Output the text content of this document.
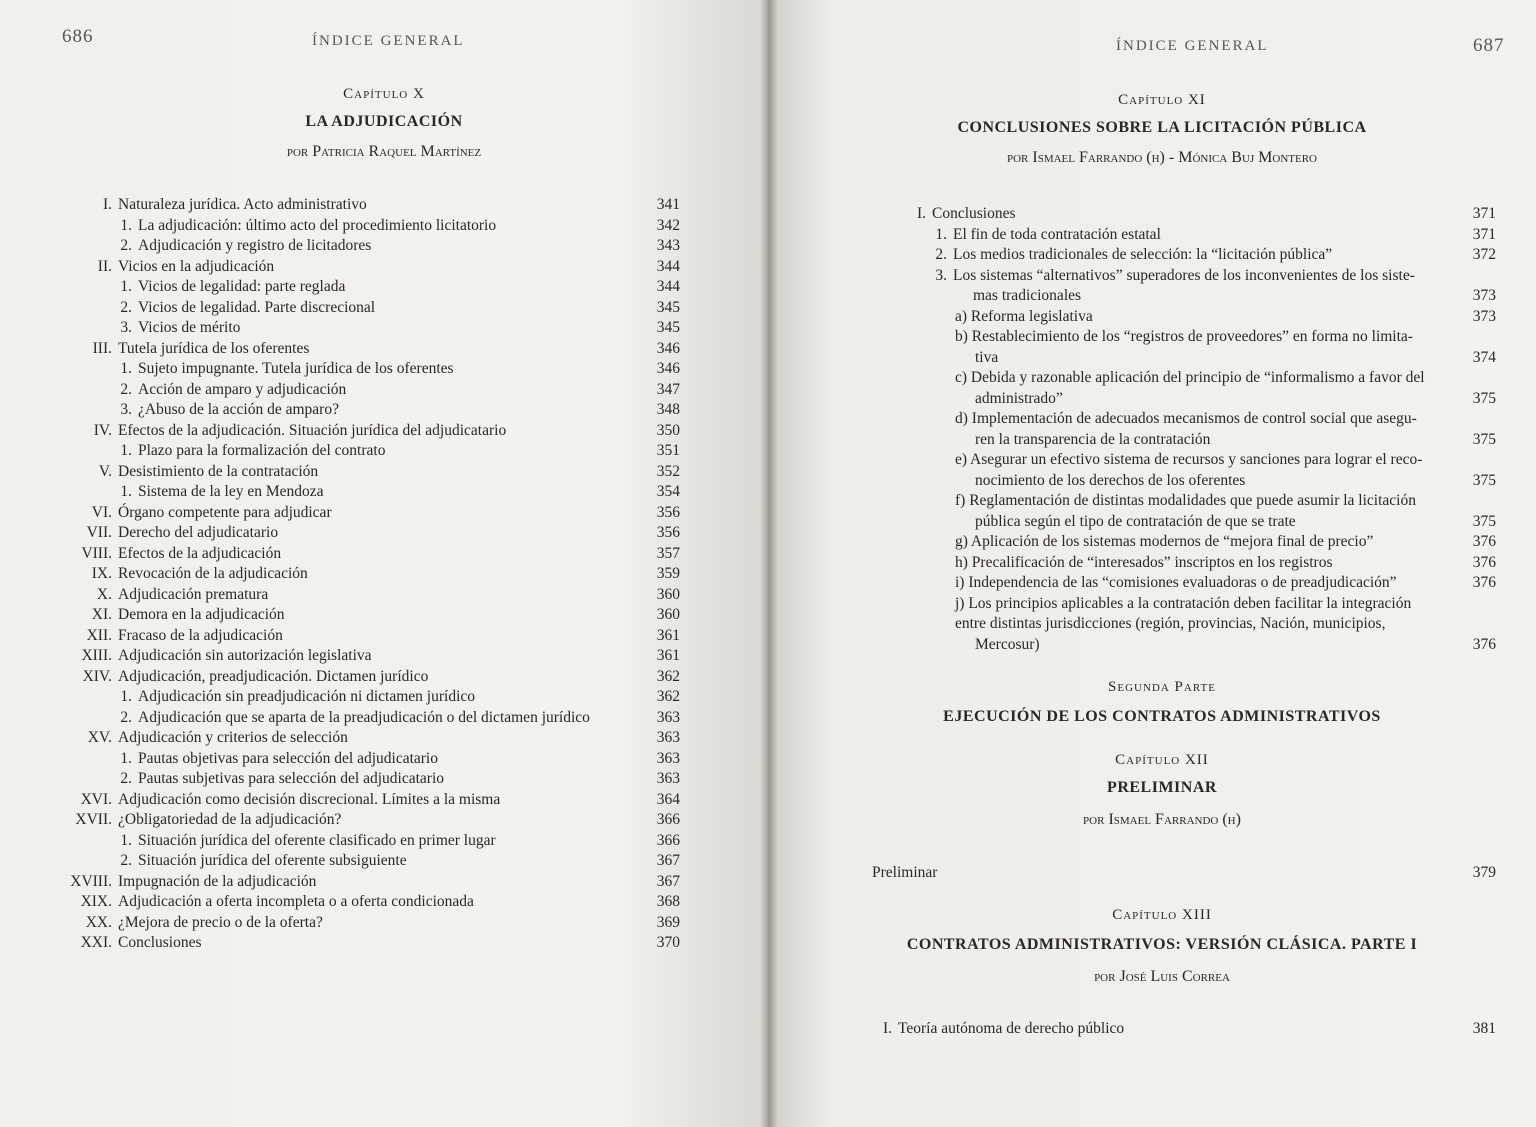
686	ÍNDICE GENERAL
Capítulo X
LA ADJUDICACIÓN
por Patricia Raquel Martínez
I. Naturaleza jurídica. Acto administrativo	341
1. La adjudicación: último acto del procedimiento licitatorio	342
2. Adjudicación y registro de licitadores	343
II. Vicios en la adjudicación	344
1. Vicios de legalidad: parte reglada	344
2. Vicios de legalidad. Parte discrecional	345
3. Vicios de mérito	345
III. Tutela jurídica de los oferentes	346
1. Sujeto impugnante. Tutela jurídica de los oferentes	346
2. Acción de amparo y adjudicación	347
3. ¿Abuso de la acción de amparo?	348
IV. Efectos de la adjudicación. Situación jurídica del adjudicatario	350
1. Plazo para la formalización del contrato	351
V. Desistimiento de la contratación	352
1. Sistema de la ley en Mendoza	354
VI. Órgano competente para adjudicar	356
VII. Derecho del adjudicatario	356
VIII. Efectos de la adjudicación	357
IX. Revocación de la adjudicación	359
X. Adjudicación prematura	360
XI. Demora en la adjudicación	360
XII. Fracaso de la adjudicación	361
XIII. Adjudicación sin autorización legislativa	361
XIV. Adjudicación, preadjudicación. Dictamen jurídico	362
1. Adjudicación sin preadjudicación ni dictamen jurídico	362
2. Adjudicación que se aparta de la preadjudicación o del dictamen jurídico	363
XV. Adjudicación y criterios de selección	363
1. Pautas objetivas para selección del adjudicatario	363
2. Pautas subjetivas para selección del adjudicatario	363
XVI. Adjudicación como decisión discrecional. Límites a la misma	364
XVII. ¿Obligatoriedad de la adjudicación?	366
1. Situación jurídica del oferente clasificado en primer lugar	366
2. Situación jurídica del oferente subsiguiente	367
XVIII. Impugnación de la adjudicación	367
XIX. Adjudicación a oferta incompleta o a oferta condicionada	368
XX. ¿Mejora de precio o de la oferta?	369
XXI. Conclusiones	370
ÍNDICE GENERAL	687
Capítulo XI
CONCLUSIONES SOBRE LA LICITACIÓN PÚBLICA
por Ismael Farrando (h) - Mónica Buj Montero
I. Conclusiones	371
1. El fin de toda contratación estatal	371
2. Los medios tradicionales de selección: la “licitación pública”	372
3. Los sistemas “alternativos” superadores de los inconvenientes de los siste-
mas tradicionales	373
a) Reforma legislativa	373
b) Restablecimiento de los “registros de proveedores” en forma no limita-
tiva	374
c) Debida y razonable aplicación del principio de “informalismo a favor del
administrado”	375
d) Implementación de adecuados mecanismos de control social que asegu-
ren la transparencia de la contratación	375
e) Asegurar un efectivo sistema de recursos y sanciones para lograr el reco-
nocimiento de los derechos de los oferentes	375
f) Reglamentación de distintas modalidades que puede asumir la licitación
pública según el tipo de contratación de que se trate	375
g) Aplicación de los sistemas modernos de “mejora final de precio”	376
h) Precalificación de “interesados” inscriptos en los registros	376
i) Independencia de las “comisiones evaluadoras o de preadjudicación”	376
j) Los principios aplicables a la contratación deben facilitar la integración
entre distintas jurisdicciones (región, provincias, Nación, municipios,
Mercosur)	376
Segunda Parte
EJECUCIÓN DE LOS CONTRATOS ADMINISTRATIVOS
Capítulo XII
PRELIMINAR
por Ismael Farrando (h)
Preliminar	379
Capítulo XIII
CONTRATOS ADMINISTRATIVOS: VERSIÓN CLÁSICA. PARTE I
por José Luis Correa
I. Teoría autónoma de derecho público	381
